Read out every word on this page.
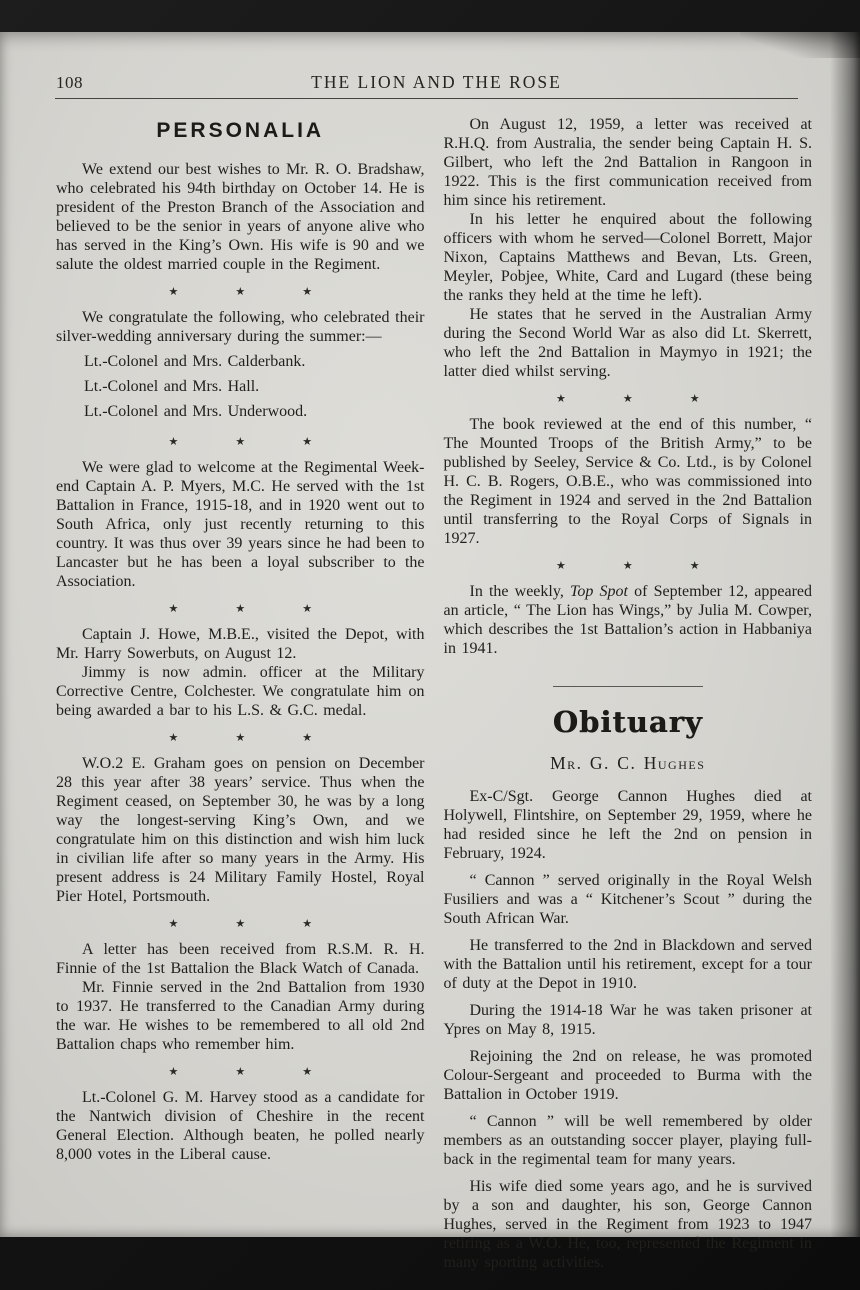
108	THE LION AND THE ROSE
PERSONALIA

We extend our best wishes to Mr. R. O. Bradshaw, who celebrated his 94th birthday on October 14. He is president of the Preston Branch of the Association and believed to be the senior in years of anyone alive who has served in the King’s Own. His wife is 90 and we salute the oldest married couple in the Regiment.

★	★	★

We congratulate the following, who celebrated their silver-wedding anniversary during the summer:—

Lt.-Colonel and Mrs. Calderbank.
Lt.-Colonel and Mrs. Hall.
Lt.-Colonel and Mrs. Underwood.
★	★	★

We were glad to welcome at the Regimental Week-end Captain A. P. Myers, M.C. He served with the 1st Battalion in France, 1915-18, and in 1920 went out to South Africa, only just recently returning to this country. It was thus over 39 years since he had been to Lancaster but he has been a loyal subscriber to the Association.

★	★	★

Captain J. Howe, M.B.E., visited the Depot, with Mr. Harry Sowerbuts, on August 12.

Jimmy is now admin. officer at the Military Corrective Centre, Colchester. We congratulate him on being awarded a bar to his L.S. & G.C. medal.

★	★	★

W.O.2 E. Graham goes on pension on December 28 this year after 38 years’ service. Thus when the Regiment ceased, on September 30, he was by a long way the longest-serving King’s Own, and we congratulate him on this distinction and wish him luck in civilian life after so many years in the Army. His present address is 24 Military Family Hostel, Royal Pier Hotel, Portsmouth.

★	★	★

A letter has been received from R.S.M. R. H. Finnie of the 1st Battalion the Black Watch of Canada.

Mr. Finnie served in the 2nd Battalion from 1930 to 1937. He transferred to the Canadian Army during the war. He wishes to be remembered to all old 2nd Battalion chaps who remember him.

★	★	★

Lt.-Colonel G. M. Harvey stood as a candidate for the Nantwich division of Cheshire in the recent General Election. Although beaten, he polled nearly 8,000 votes in the Liberal cause.

On August 12, 1959, a letter was received at R.H.Q. from Australia, the sender being Captain H. S. Gilbert, who left the 2nd Battalion in Rangoon in 1922. This is the first communication received from him since his retirement.

In his letter he enquired about the following officers with whom he served—Colonel Borrett, Major Nixon, Captains Matthews and Bevan, Lts. Green, Meyler, Pobjee, White, Card and Lugard (these being the ranks they held at the time he left).

He states that he served in the Australian Army during the Second World War as also did Lt. Skerrett, who left the 2nd Battalion in Maymyo in 1921; the latter died whilst serving.

★	★	★

The book reviewed at the end of this number, “ The Mounted Troops of the British Army,” to be published by Seeley, Service & Co. Ltd., is by Colonel H. C. B. Rogers, O.B.E., who was commissioned into the Regiment in 1924 and served in the 2nd Battalion until transferring to the Royal Corps of Signals in 1927.

★	★	★

In the weekly, Top Spot of September 12, appeared an article, “ The Lion has Wings,” by Julia M. Cowper, which describes the 1st Battalion’s action in Habbaniya in 1941.

Obituary
Mr. G. C. Hughes

Ex-C/Sgt. George Cannon Hughes died at Holywell, Flintshire, on September 29, 1959, where he had resided since he left the 2nd on pension in February, 1924.

“ Cannon ” served originally in the Royal Welsh Fusiliers and was a “ Kitchener’s Scout ” during the South African War.

He transferred to the 2nd in Blackdown and served with the Battalion until his retirement, except for a tour of duty at the Depot in 1910.

During the 1914-18 War he was taken prisoner at Ypres on May 8, 1915.

Rejoining the 2nd on release, he was promoted Colour-Sergeant and proceeded to Burma with the Battalion in October 1919.

“ Cannon ” will be well remembered by older members as an outstanding soccer player, playing full-back in the regimental team for many years.

His wife died some years ago, and he is survived by a son and daughter, his son, George Cannon Hughes, served in the Regiment from 1923 to 1947 retiring as a W.O. He, too, represented the Regiment in many sporting activities.
